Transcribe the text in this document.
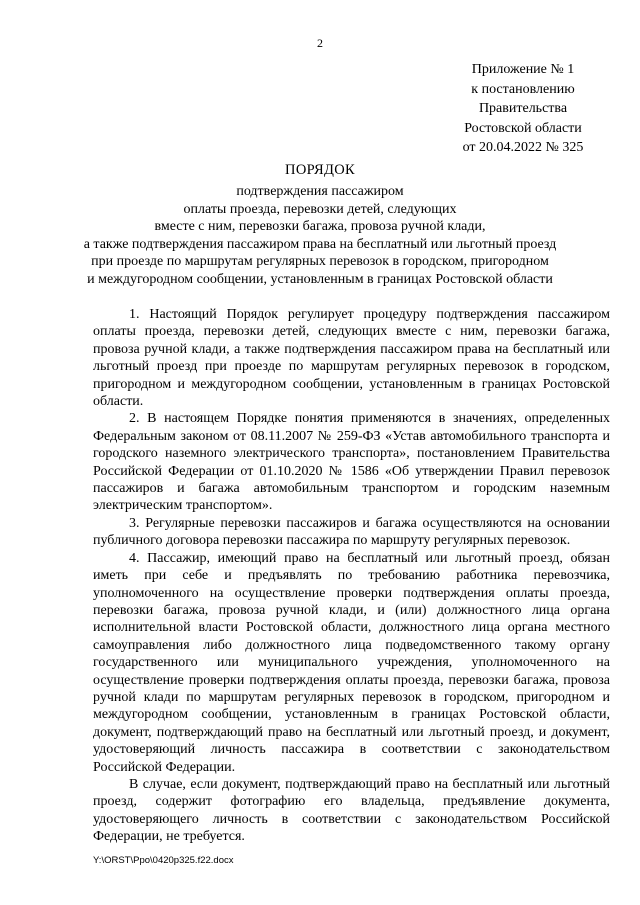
2
Приложение № 1
к постановлению
Правительства
Ростовской области
от 20.04.2022 № 325
ПОРЯДОК
подтверждения пассажиром
оплаты проезда, перевозки детей, следующих
вместе с ним, перевозки багажа, провоза ручной клади,
а также подтверждения пассажиром права на бесплатный или льготный проезд
при проезде по маршрутам регулярных перевозок в городском, пригородном
и междугородном сообщении, установленным в границах Ростовской области

1. Настоящий Порядок регулирует процедуру подтверждения пассажиром оплаты проезда, перевозки детей, следующих вместе с ним, перевозки багажа, провоза ручной клади, а также подтверждения пассажиром права на бесплатный или льготный проезд при проезде по маршрутам регулярных перевозок в городском, пригородном и междугородном сообщении, установленным в границах Ростовской области.

2. В настоящем Порядке понятия применяются в значениях, определенных Федеральным законом от 08.11.2007 № 259-ФЗ «Устав автомобильного транспорта и городского наземного электрического транспорта», постановлением Правительства Российской Федерации от 01.10.2020 № 1586 «Об утверждении Правил перевозок пассажиров и багажа автомобильным транспортом и городским наземным электрическим транспортом».

3. Регулярные перевозки пассажиров и багажа осуществляются на основании публичного договора перевозки пассажира по маршруту регулярных перевозок.

4. Пассажир, имеющий право на бесплатный или льготный проезд, обязан иметь при себе и предъявлять по требованию работника перевозчика, уполномоченного на осуществление проверки подтверждения оплаты проезда, перевозки багажа, провоза ручной клади, и (или) должностного лица органа исполнительной власти Ростовской области, должностного лица органа местного самоуправления либо должностного лица подведомственного такому органу государственного или муниципального учреждения, уполномоченного на осуществление проверки подтверждения оплаты проезда, перевозки багажа, провоза ручной клади по маршрутам регулярных перевозок в городском, пригородном и междугородном сообщении, установленным в границах Ростовской области, документ, подтверждающий право на бесплатный или льготный проезд, и документ, удостоверяющий личность пассажира в соответствии с законодательством Российской Федерации.

В случае, если документ, подтверждающий право на бесплатный или льготный проезд, содержит фотографию его владельца, предъявление документа, удостоверяющего личность в соответствии с законодательством Российской Федерации, не требуется.

Y:\ORST\Ppo\0420p325.f22.docx
